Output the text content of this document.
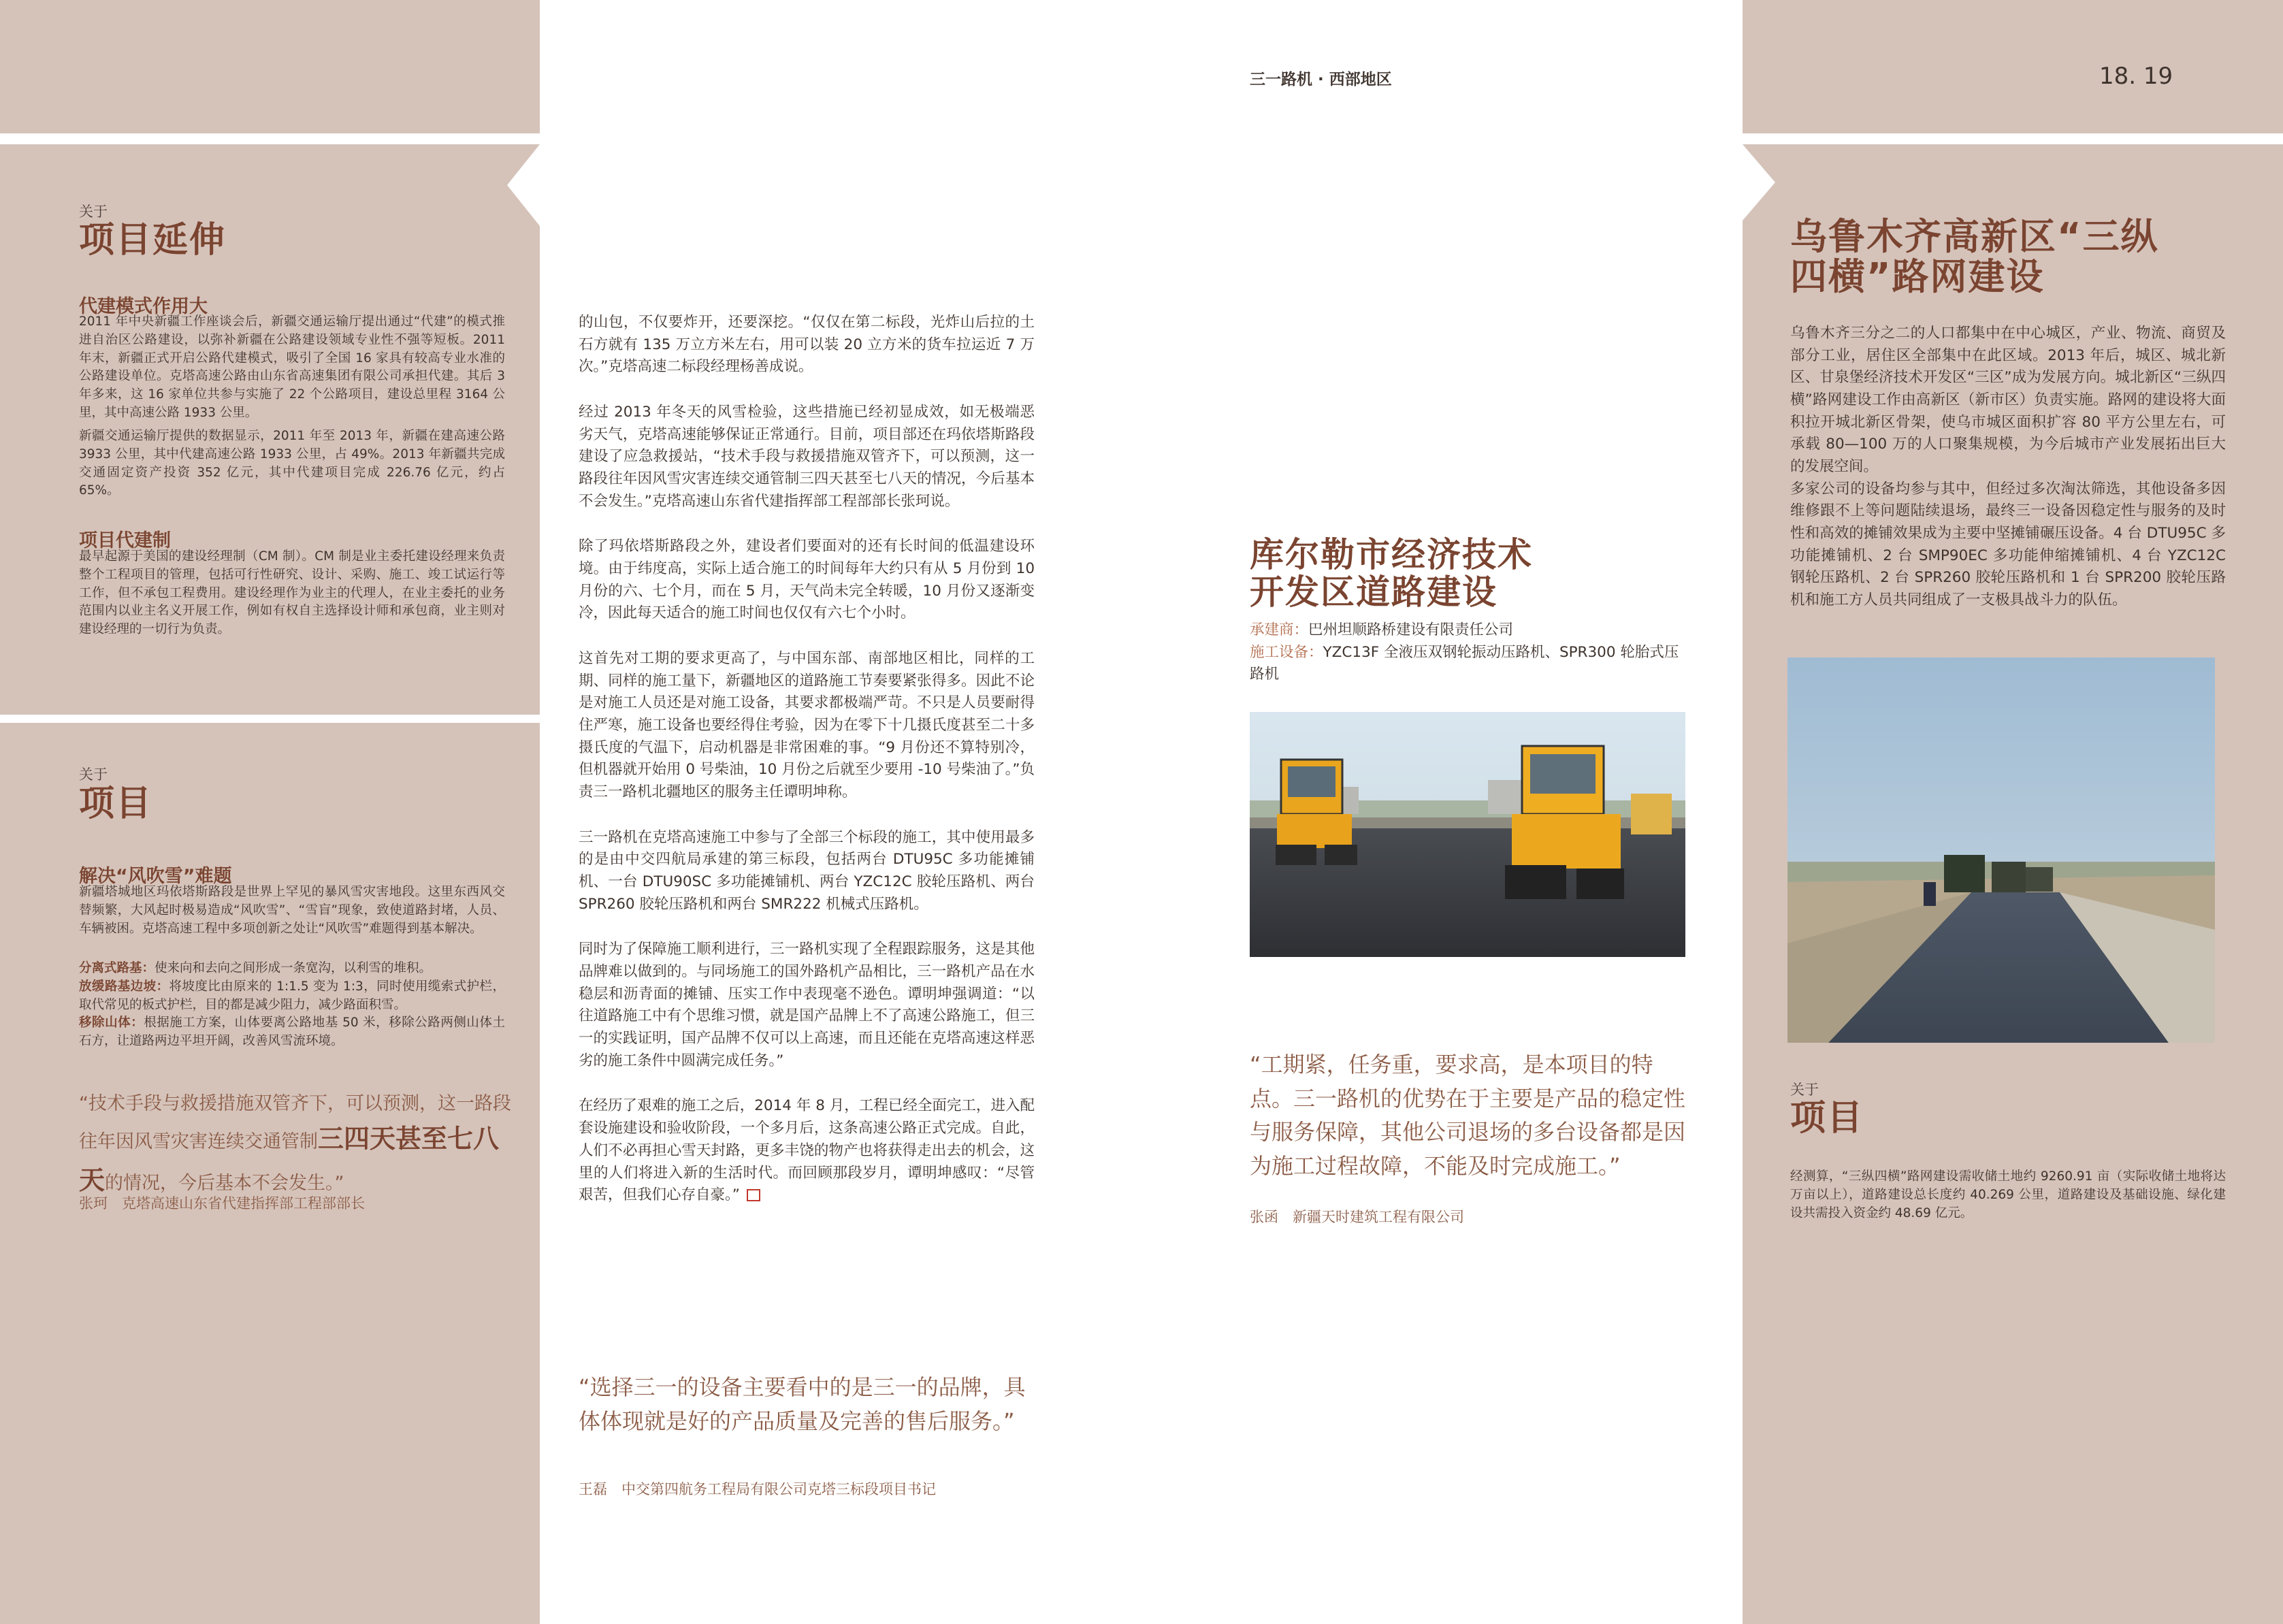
关于
项目延伸
代建模式作用大
2011 年中央新疆工作座谈会后，新疆交通运输厅提出通过“代建”的模式推进自治区公路建设，以弥补新疆在公路建设领域专业性不强等短板。2011 年末，新疆正式开启公路代建模式，吸引了全国 16 家具有较高专业水准的公路建设单位。克塔高速公路由山东省高速集团有限公司承担代建。其后 3 年多来，这 16 家单位共参与实施了 22 个公路项目，建设总里程 3164 公里，其中高速公路 1933 公里。
新疆交通运输厅提供的数据显示，2011 年至 2013 年，新疆在建高速公路 3933 公里，其中代建高速公路 1933 公里，占 49%。2013 年新疆共完成交通固定资产投资 352 亿元，其中代建项目完成 226.76 亿元，约占 65%。
项目代建制
最早起源于美国的建设经理制（CM 制）。CM 制是业主委托建设经理来负责整个工程项目的管理，包括可行性研究、设计、采购、施工、竣工试运行等工作，但不承包工程费用。建设经理作为业主的代理人，在业主委托的业务范围内以业主名义开展工作，例如有权自主选择设计师和承包商，业主则对建设经理的一切行为负责。
关于
项目
解决“风吹雪”难题
新疆塔城地区玛依塔斯路段是世界上罕见的暴风雪灾害地段。这里东西风交替频繁，大风起时极易造成“风吹雪”、“雪盲”现象，致使道路封堵，人员、车辆被困。克塔高速工程中多项创新之处让“风吹雪”难题得到基本解决。

分离式路基：使来向和去向之间形成一条宽沟，以利雪的堆积。

放缓路基边坡：将坡度比由原来的 1:1.5 变为 1:3，同时使用缆索式护栏，取代常见的板式护栏，目的都是减少阻力，减少路面积雪。

移除山体：根据施工方案，山体要离公路地基 50 米，移除公路两侧山体土石方，让道路两边平坦开阔，改善风雪流环境。

“技术手段与救援措施双管齐下，可以预测，这一路段往年因风雪灾害连续交通管制三四天甚至七八天的情况，今后基本不会发生。”
张珂　克塔高速山东省代建指挥部工程部部长

的山包，不仅要炸开，还要深挖。“仅仅在第二标段，光炸山后拉的土石方就有 135 万立方米左右，用可以装 20 立方米的货车拉运近 7 万次。”克塔高速二标段经理杨善成说。

经过 2013 年冬天的风雪检验，这些措施已经初显成效，如无极端恶劣天气，克塔高速能够保证正常通行。目前，项目部还在玛依塔斯路段建设了应急救援站，“技术手段与救援措施双管齐下，可以预测，这一路段往年因风雪灾害连续交通管制三四天甚至七八天的情况，今后基本不会发生。”克塔高速山东省代建指挥部工程部部长张珂说。

除了玛依塔斯路段之外，建设者们要面对的还有长时间的低温建设环境。由于纬度高，实际上适合施工的时间每年大约只有从 5 月份到 10 月份的六、七个月，而在 5 月，天气尚未完全转暖，10 月份又逐渐变冷，因此每天适合的施工时间也仅仅有六七个小时。

这首先对工期的要求更高了，与中国东部、南部地区相比，同样的工期、同样的施工量下，新疆地区的道路施工节奏要紧张得多。因此不论是对施工人员还是对施工设备，其要求都极端严苛。不只是人员要耐得住严寒，施工设备也要经得住考验，因为在零下十几摄氏度甚至二十多摄氏度的气温下，启动机器是非常困难的事。“9 月份还不算特别冷，但机器就开始用 0 号柴油，10 月份之后就至少要用 -10 号柴油了。”负责三一路机北疆地区的服务主任谭明坤称。

三一路机在克塔高速施工中参与了全部三个标段的施工，其中使用最多的是由中交四航局承建的第三标段，包括两台 DTU95C 多功能摊铺机、一台 DTU90SC 多功能摊铺机、两台 YZC12C 胶轮压路机、两台 SPR260 胶轮压路机和两台 SMR222 机械式压路机。

同时为了保障施工顺利进行，三一路机实现了全程跟踪服务，这是其他品牌难以做到的。与同场施工的国外路机产品相比，三一路机产品在水稳层和沥青面的摊铺、压实工作中表现毫不逊色。谭明坤强调道：“以往道路施工中有个思维习惯，就是国产品牌上不了高速公路施工，但三一的实践证明，国产品牌不仅可以上高速，而且还能在克塔高速这样恶劣的施工条件中圆满完成任务。”

在经历了艰难的施工之后，2014 年 8 月，工程已经全面完工，进入配套设施建设和验收阶段，一个多月后，这条高速公路正式完成。自此，人们不必再担心雪天封路，更多丰饶的物产也将获得走出去的机会，这里的人们将进入新的生活时代。而回顾那段岁月，谭明坤感叹：“尽管艰苦，但我们心存自豪。”

“选择三一的设备主要看中的是三一的品牌，具体体现就是好的产品质量及完善的售后服务。”
王磊　中交第四航务工程局有限公司克塔三标段项目书记
三一路机 · 西部地区
库尔勒市经济技术
开发区道路建设

承建商：巴州坦顺路桥建设有限责任公司

施工设备：YZC13F 全液压双钢轮振动压路机、SPR300 轮胎式压路机

“工期紧，任务重，要求高，是本项目的特点。三一路机的优势在于主要是产品的稳定性与服务保障，其他公司退场的多台设备都是因为施工过程故障，不能及时完成施工。”
张函　新疆天时建筑工程有限公司
18. 19
乌鲁木齐高新区“三纵
四横”路网建设

乌鲁木齐三分之二的人口都集中在中心城区，产业、物流、商贸及部分工业，居住区全部集中在此区域。2013 年后，城区、城北新区、甘泉堡经济技术开发区“三区”成为发展方向。城北新区“三纵四横”路网建设工作由高新区（新市区）负责实施。路网的建设将大面积拉开城北新区骨架，使乌市城区面积扩容 80 平方公里左右，可承载 80—100 万的人口聚集规模，为今后城市产业发展拓出巨大的发展空间。

多家公司的设备均参与其中，但经过多次淘汰筛选，其他设备多因维修跟不上等问题陆续退场，最终三一设备因稳定性与服务的及时性和高效的摊铺效果成为主要中坚摊铺碾压设备。4 台 DTU95C 多功能摊铺机、2 台 SMP90EC 多功能伸缩摊铺机、4 台 YZC12C 钢轮压路机、2 台 SPR260 胶轮压路机和 1 台 SPR200 胶轮压路机和施工方人员共同组成了一支极具战斗力的队伍。

关于
项目
经测算，“三纵四横”路网建设需收储土地约 9260.91 亩（实际收储土地将达万亩以上），道路建设总长度约 40.269 公里，道路建设及基础设施、绿化建设共需投入资金约 48.69 亿元。
